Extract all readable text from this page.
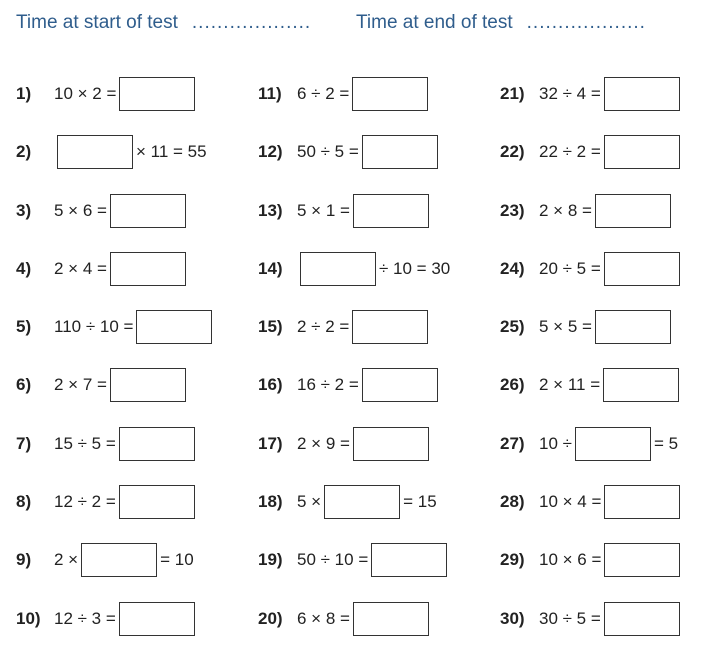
Time at start of test ................... Time at end of test ...................
1)	10 × 2 =
2)	× 11 = 55
3)	5 × 6 =
4)	2 × 4 =
5)	110 ÷ 10 =
6)	2 × 7 =
7)	15 ÷ 5 =
8)	12 ÷ 2 =
9)	2 ×	= 10
10) 12 ÷ 3 =
11) 6 ÷ 2 =
12) 50 ÷ 5 =
13) 5 × 1 =
14)	÷ 10 = 30
15) 2 ÷ 2 =
16) 16 ÷ 2 =
17) 2 × 9 =
18) 5 ×	= 15
19) 50 ÷ 10 =
20) 6 × 8 =
21) 32 ÷ 4 =
22) 22 ÷ 2 =
23) 2 × 8 =
24) 20 ÷ 5 =
25) 5 × 5 =
26) 2 × 11 =
27) 10 ÷	= 5
28) 10 × 4 =
29) 10 × 6 =
30) 30 ÷ 5 =
